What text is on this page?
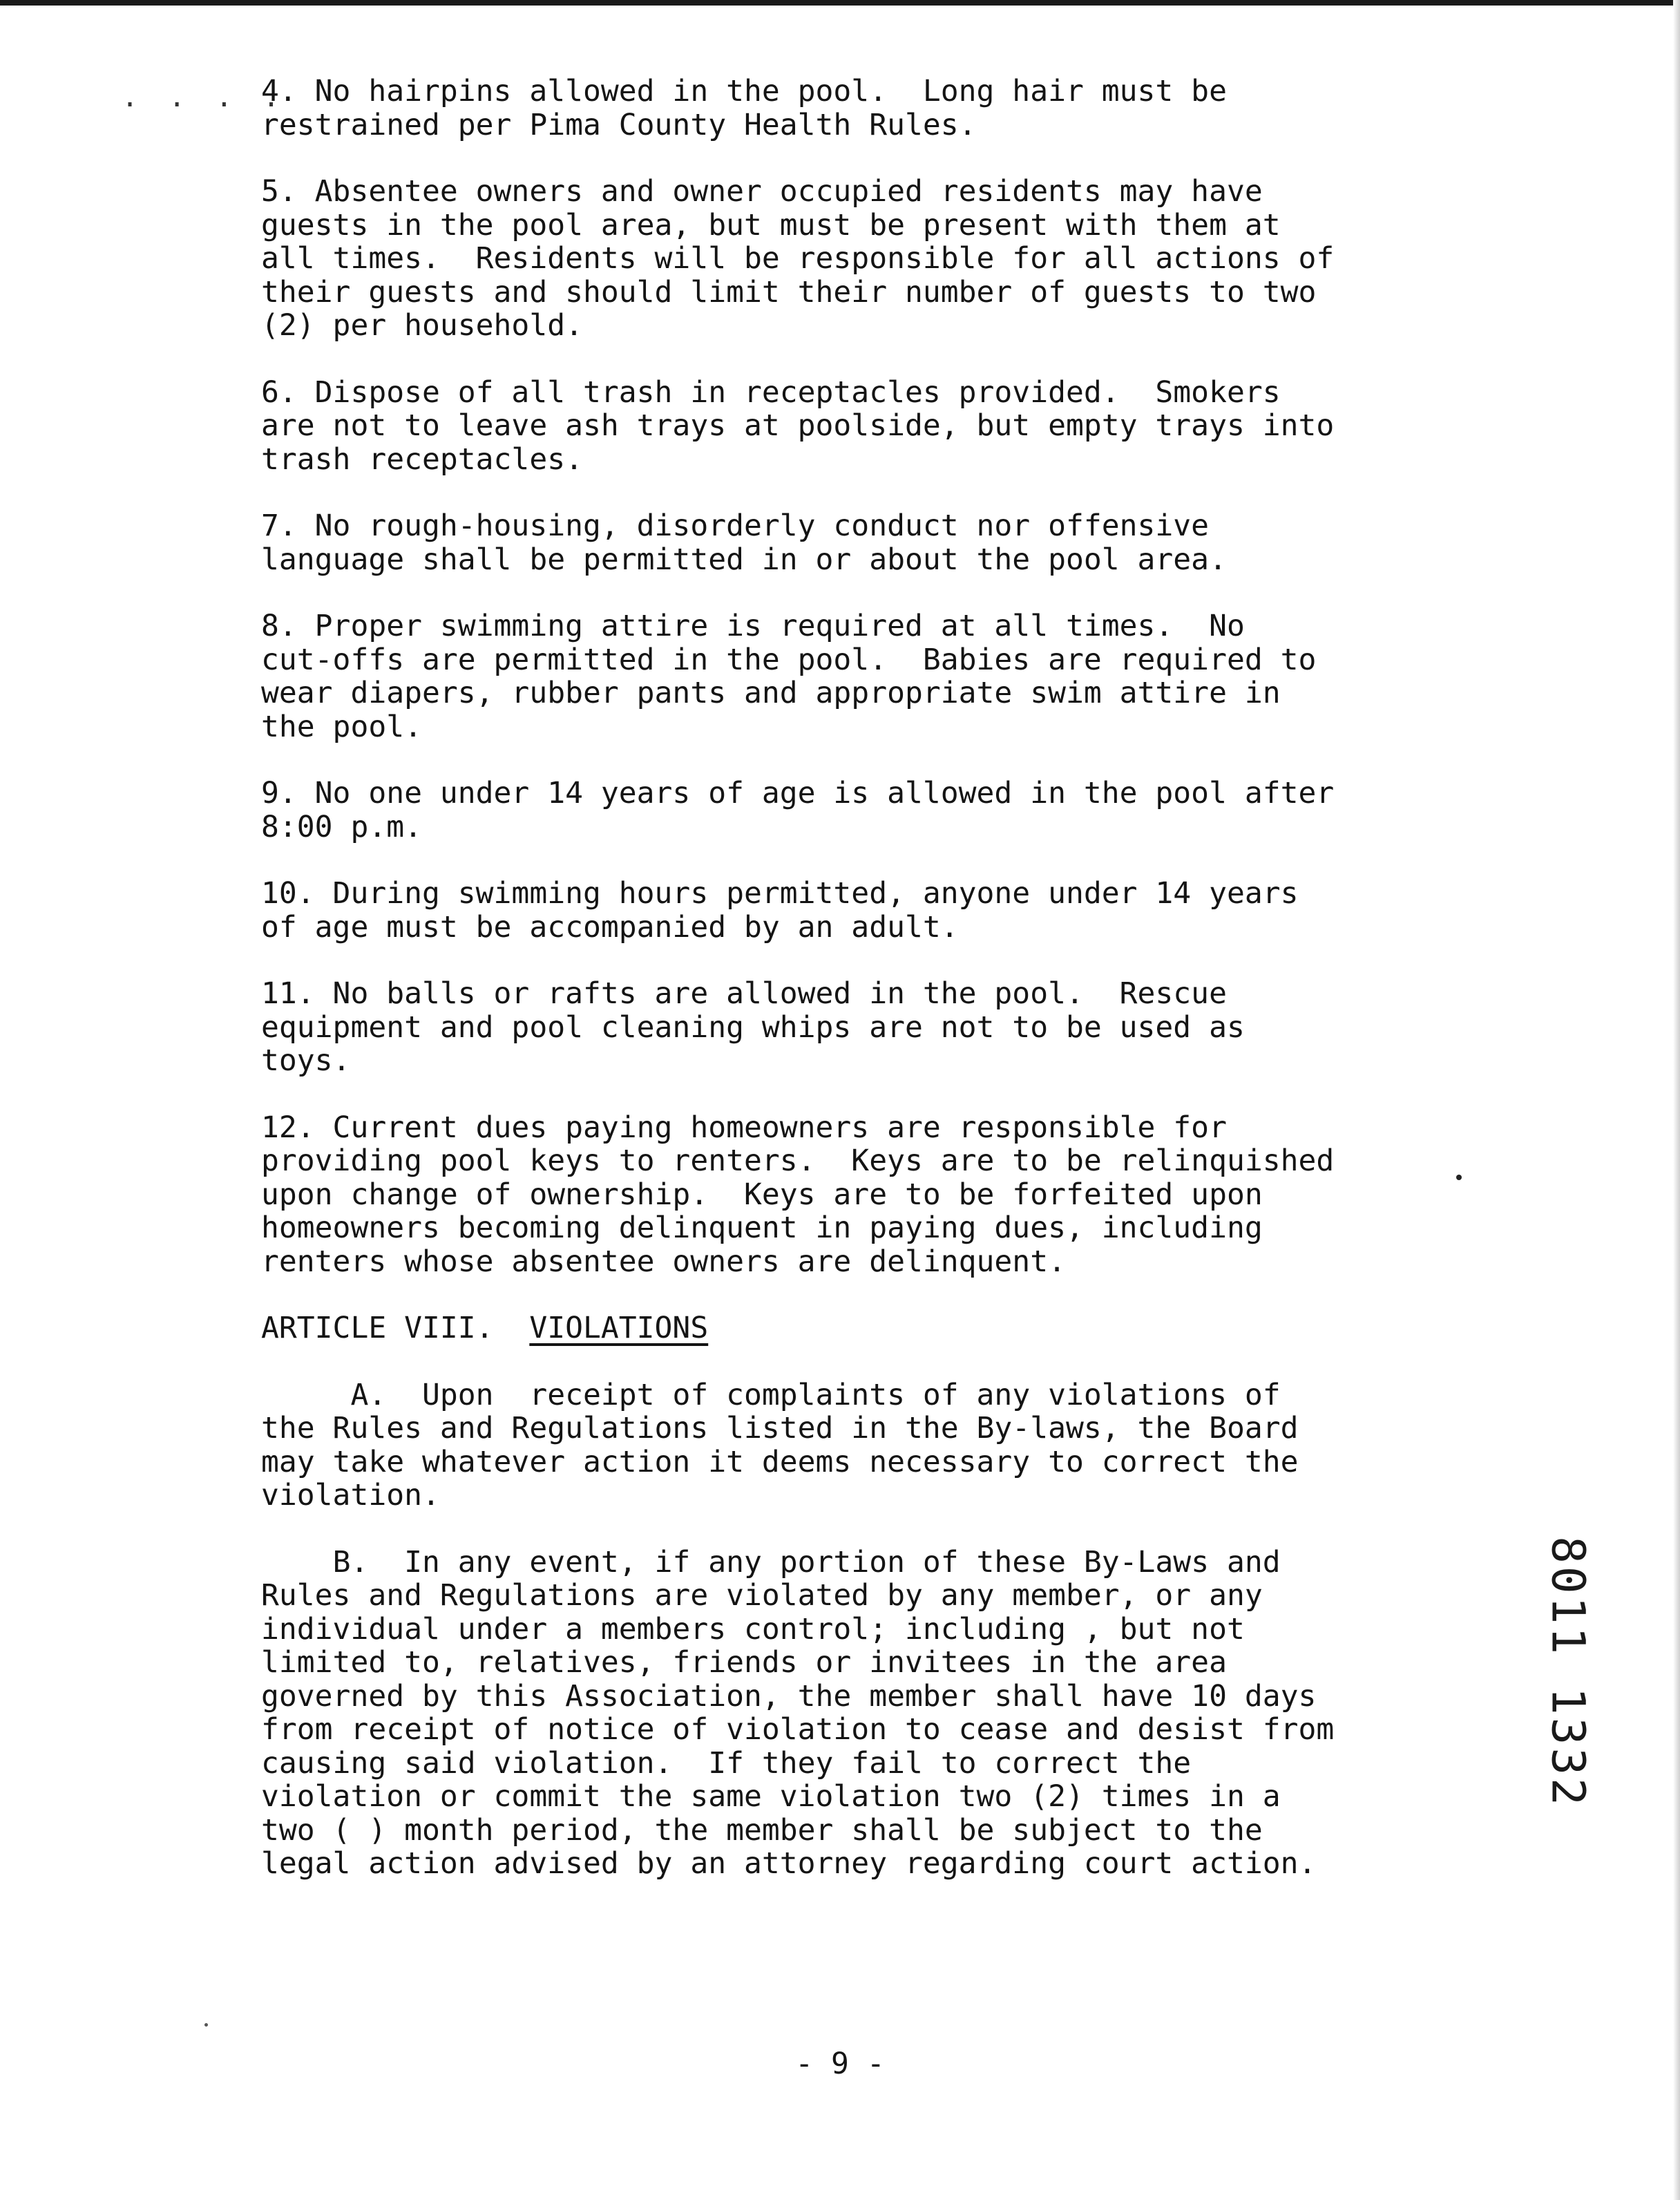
. . . .

4. No hairpins allowed in the pool.  Long hair must be
restrained per Pima County Health Rules.

5. Absentee owners and owner occupied residents may have
guests in the pool area, but must be present with them at
all times.  Residents will be responsible for all actions of
their guests and should limit their number of guests to two
(2) per household.

6. Dispose of all trash in receptacles provided.  Smokers
are not to leave ash trays at poolside, but empty trays into
trash receptacles.

7. No rough-housing, disorderly conduct nor offensive
language shall be permitted in or about the pool area.

8. Proper swimming attire is required at all times.  No
cut-offs are permitted in the pool.  Babies are required to
wear diapers, rubber pants and appropriate swim attire in
the pool.

9. No one under 14 years of age is allowed in the pool after
8:00 p.m.

10. During swimming hours permitted, anyone under 14 years
of age must be accompanied by an adult.

11. No balls or rafts are allowed in the pool.  Rescue
equipment and pool cleaning whips are not to be used as
toys.

12. Current dues paying homeowners are responsible for
providing pool keys to renters.  Keys are to be relinquished
upon change of ownership.  Keys are to be forfeited upon
homeowners becoming delinquent in paying dues, including
renters whose absentee owners are delinquent.

ARTICLE VIII.  VIOLATIONS

A.  Upon  receipt of complaints of any violations of
the Rules and Regulations listed in the By-laws, the Board
may take whatever action it deems necessary to correct the
violation.

B.  In any event, if any portion of these By-Laws and
Rules and Regulations are violated by any member, or any
individual under a members control; including , but not
limited to, relatives, friends or invitees in the area
governed by this Association, the member shall have 10 days
from receipt of notice of violation to cease and desist from
causing said violation.  If they fail to correct the
violation or commit the same violation two (2) times in a
two ( ) month period, the member shall be subject to the
legal action advised by an attorney regarding court action.

8011 1332
- 9 -
